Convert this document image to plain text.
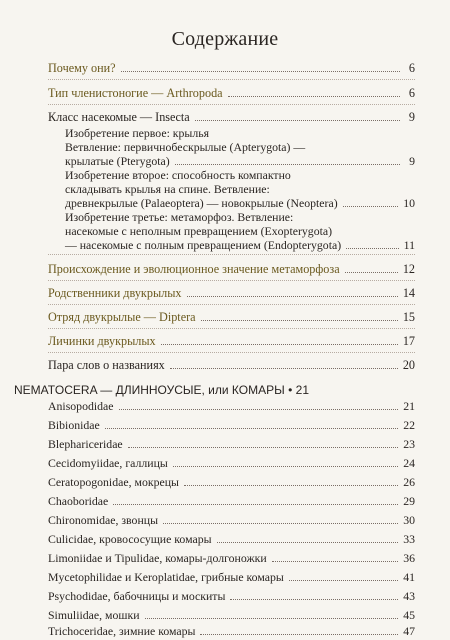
Содержание
Почему они?	6
Тип членистоногие — Arthropoda	6
Класс насекомые — Insecta	9
Изобретение первое: крылья
Ветвление: первичнобескрылые (Apterygota) —
крылатые (Pterygota)	9
Изобретение второе: способность компактно
складывать крылья на спине. Ветвление:
древнекрылые (Palaeoptera) — новокрылые (Neoptera)	10
Изобретение третье: метаморфоз. Ветвление:
насекомые с неполным превращением (Exopterygota)
— насекомые с полным превращением (Endopterygota)	11
Происхождение и эволюционное значение метаморфоза	12
Родственники двукрылых	14
Отряд двукрылые — Diptera	15
Личинки двукрылых	17
Пара слов о названиях	20
NEMATOCERA — ДЛИННОУСЫЕ, или КОМАРЫ • 21
Anisopodidae	21
Bibionidae	22
Blephariceridae	23
Cecidomyiidae, галлицы	24
Ceratopogonidae, мокрецы	26
Chaoboridae	29
Chironomidae, звонцы	30
Culicidae, кровососущие комары	33
Limoniidae и Tipulidae, комары-долгоножки	36
Mycetophilidae и Keroplatidae, грибные комары	41
Psychodidae, бабочницы и москиты	43
Simuliidae, мошки	45
Trichoceridae, зимние комары	47
